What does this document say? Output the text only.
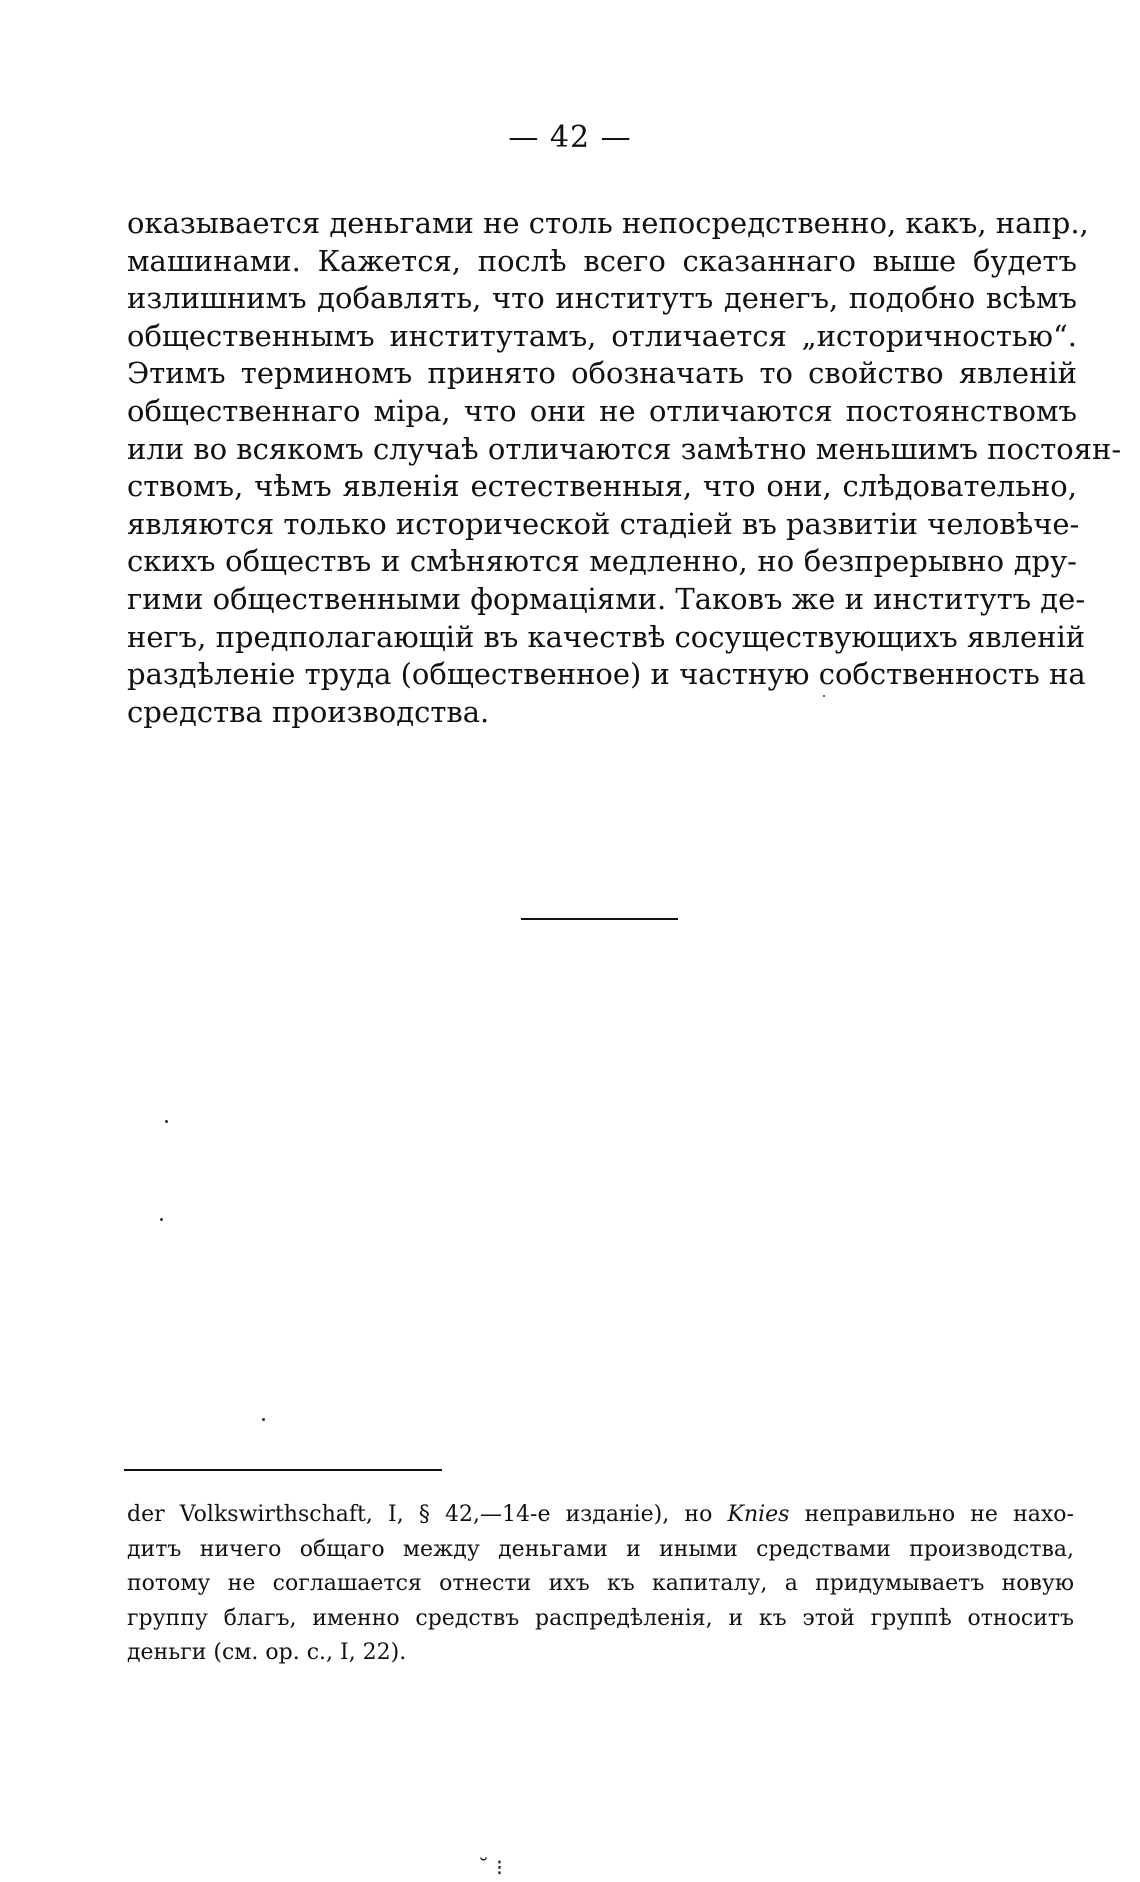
— 42 —
оказывается деньгами не столь непосредственно, какъ, напр.,
машинами. Кажется, послѣ всего сказаннаго выше будетъ
излишнимъ добавлять, что институтъ денегъ, подобно всѣмъ
общественнымъ институтамъ, отличается „историчностью“.
Этимъ терминомъ принято обозначать то свойство явленій
общественнаго міра, что они не отличаются постоянствомъ
или во всякомъ случаѣ отличаются замѣтно меньшимъ постоян-
ствомъ, чѣмъ явленія естественныя, что они, слѣдовательно,
являются только исторической стадіей въ развитіи человѣче-
скихъ обществъ и смѣняются медленно, но безпрерывно дру-
гими общественными формаціями. Таковъ же и институтъ де-
негъ, предполагающій въ качествѣ сосуществующихъ явленій
раздѣленіе труда (общественное) и частную собственность на
средства производства.
der Volkswirthschaft, I, § 42,—14-е изданіе), но Knies неправильно не нахо-
дитъ ничего общаго между деньгами и иными средствами производства,
потому не соглашается отнести ихъ къ капиталу, а придумываетъ новую
группу благъ, именно средствъ распредѣленія, и къ этой группѣ относитъ
деньги (см. op. c., I, 22).
˘ ⁝
